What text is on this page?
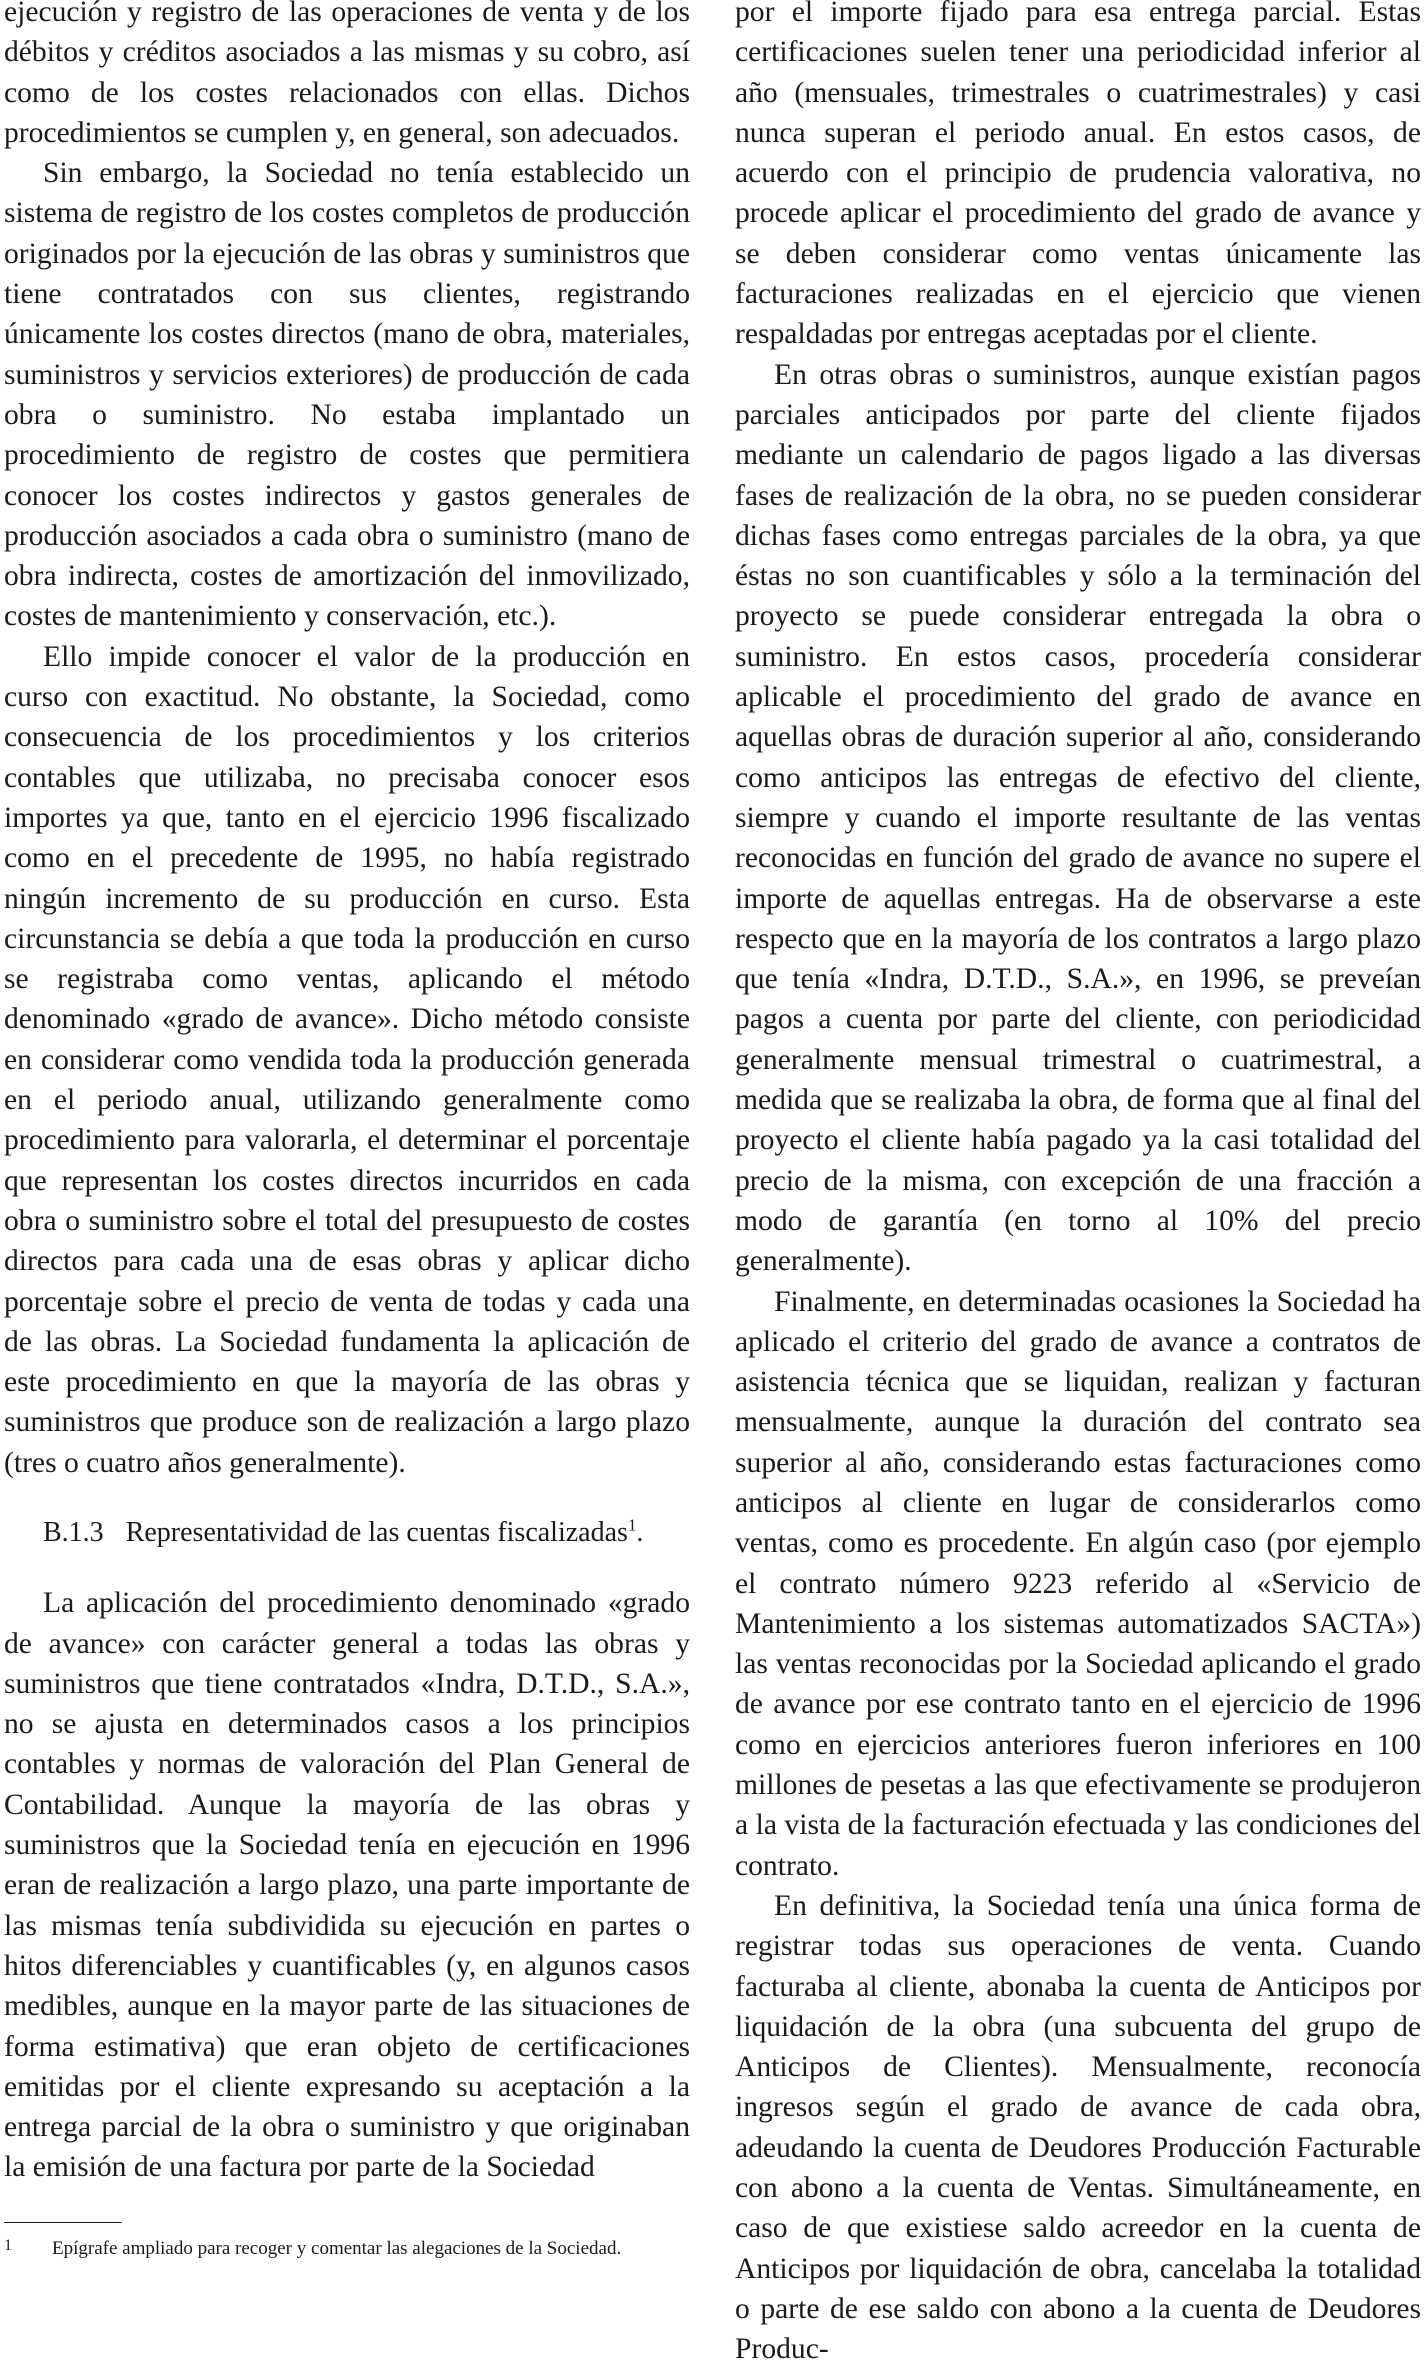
ejecución y registro de las operaciones de venta y de los débitos y créditos asociados a las mismas y su cobro, así como de los costes relacionados con ellas. Dichos procedimientos se cumplen y, en general, son adecuados.

Sin embargo, la Sociedad no tenía establecido un sistema de registro de los costes completos de producción originados por la ejecución de las obras y suministros que tiene contratados con sus clientes, registrando únicamente los costes directos (mano de obra, materiales, suministros y servicios exteriores) de producción de cada obra o suministro. No estaba implantado un procedimiento de registro de costes que permitiera conocer los costes indirectos y gastos generales de producción asociados a cada obra o suministro (mano de obra indirecta, costes de amortización del inmovilizado, costes de mantenimiento y conservación, etc.).

Ello impide conocer el valor de la producción en curso con exactitud. No obstante, la Sociedad, como consecuencia de los procedimientos y los criterios contables que utilizaba, no precisaba conocer esos importes ya que, tanto en el ejercicio 1996 fiscalizado como en el precedente de 1995, no había registrado ningún incremento de su producción en curso. Esta circunstancia se debía a que toda la producción en curso se registraba como ventas, aplicando el método denominado «grado de avance». Dicho método consiste en considerar como vendida toda la producción generada en el periodo anual, utilizando generalmente como procedimiento para valorarla, el determinar el porcentaje que representan los costes directos incurridos en cada obra o suministro sobre el total del presupuesto de costes directos para cada una de esas obras y aplicar dicho porcentaje sobre el precio de venta de todas y cada una de las obras. La Sociedad fundamenta la aplicación de este procedimiento en que la mayoría de las obras y suministros que produce son de realización a largo plazo (tres o cuatro años generalmente).

B.1.3 Representatividad de las cuentas fiscalizadas$^1$.

La aplicación del procedimiento denominado «grado de avance» con carácter general a todas las obras y suministros que tiene contratados «Indra, D.T.D., S.A.», no se ajusta en determinados casos a los principios contables y normas de valoración del Plan General de Contabilidad. Aunque la mayoría de las obras y suministros que la Sociedad tenía en ejecución en 1996 eran de realización a largo plazo, una parte importante de las mismas tenía subdividida su ejecución en partes o hitos diferenciables y cuantificables (y, en algunos casos medibles, aunque en la mayor parte de las situaciones de forma estimativa) que eran objeto de certificaciones emitidas por el cliente expresando su aceptación a la entrega parcial de la obra o suministro y que originaban la emisión de una factura por parte de la Sociedad

por el importe fijado para esa entrega parcial. Estas certificaciones suelen tener una periodicidad inferior al año (mensuales, trimestrales o cuatrimestrales) y casi nunca superan el periodo anual. En estos casos, de acuerdo con el principio de prudencia valorativa, no procede aplicar el procedimiento del grado de avance y se deben considerar como ventas únicamente las facturaciones realizadas en el ejercicio que vienen respaldadas por entregas aceptadas por el cliente.

En otras obras o suministros, aunque existían pagos parciales anticipados por parte del cliente fijados mediante un calendario de pagos ligado a las diversas fases de realización de la obra, no se pueden considerar dichas fases como entregas parciales de la obra, ya que éstas no son cuantificables y sólo a la terminación del proyecto se puede considerar entregada la obra o suministro. En estos casos, procedería considerar aplicable el procedimiento del grado de avance en aquellas obras de duración superior al año, considerando como anticipos las entregas de efectivo del cliente, siempre y cuando el importe resultante de las ventas reconocidas en función del grado de avance no supere el importe de aquellas entregas. Ha de observarse a este respecto que en la mayoría de los contratos a largo plazo que tenía «Indra, D.T.D., S.A.», en 1996, se preveían pagos a cuenta por parte del cliente, con periodicidad generalmente mensual trimestral o cuatrimestral, a medida que se realizaba la obra, de forma que al final del proyecto el cliente había pagado ya la casi totalidad del precio de la misma, con excepción de una fracción a modo de garantía (en torno al 10% del precio generalmente).

Finalmente, en determinadas ocasiones la Sociedad ha aplicado el criterio del grado de avance a contratos de asistencia técnica que se liquidan, realizan y facturan mensualmente, aunque la duración del contrato sea superior al año, considerando estas facturaciones como anticipos al cliente en lugar de considerarlos como ventas, como es procedente. En algún caso (por ejemplo el contrato número 9223 referido al «Servicio de Mantenimiento a los sistemas automatizados SACTA») las ventas reconocidas por la Sociedad aplicando el grado de avance por ese contrato tanto en el ejercicio de 1996 como en ejercicios anteriores fueron inferiores en 100 millones de pesetas a las que efectivamente se produjeron a la vista de la facturación efectuada y las condiciones del contrato.

En definitiva, la Sociedad tenía una única forma de registrar todas sus operaciones de venta. Cuando facturaba al cliente, abonaba la cuenta de Anticipos por liquidación de la obra (una subcuenta del grupo de Anticipos de Clientes). Mensualmente, reconocía ingresos según el grado de avance de cada obra, adeudando la cuenta de Deudores Producción Facturable con abono a la cuenta de Ventas. Simultáneamente, en caso de que existiese saldo acreedor en la cuenta de Anticipos por liquidación de obra, cancelaba la totalidad o parte de ese saldo con abono a la cuenta de Deudores Produc-

1 Epígrafe ampliado para recoger y comentar las alegaciones de la Sociedad.
